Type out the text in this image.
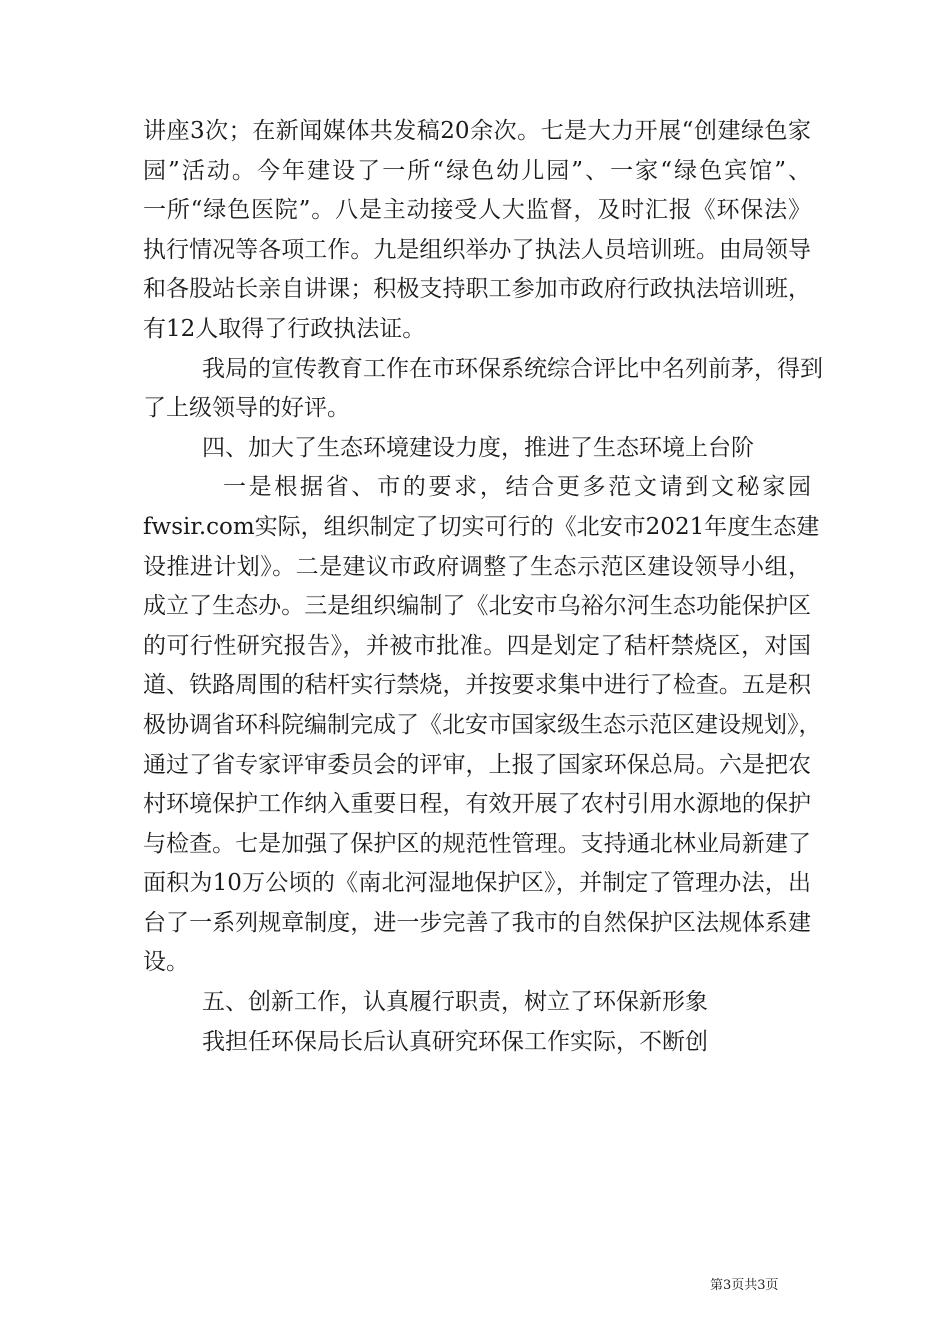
讲座3次；在新闻媒体共发稿20余次。七是大力开展“创建绿色家
园”活动。今年建设了一所“绿色幼儿园”、一家“绿色宾馆”、
一所“绿色医院”。八是主动接受人大监督，及时汇报《环保法》
执行情况等各项工作。九是组织举办了执法人员培训班。由局领导
和各股站长亲自讲课；积极支持职工参加市政府行政执法培训班，
有12人取得了行政执法证。
我局的宣传教育工作在市环保系统综合评比中名列前茅，得到
了上级领导的好评。
四、加大了生态环境建设力度，推进了生态环境上台阶
一是根据省、市的要求，结合更多范文请到文秘家园
fwsir.com实际，组织制定了切实可行的《北安市2021年度生态建
设推进计划》。二是建议市政府调整了生态示范区建设领导小组，
成立了生态办。三是组织编制了《北安市乌裕尔河生态功能保护区
的可行性研究报告》，并被市批准。四是划定了秸杆禁烧区，对国
道、铁路周围的秸杆实行禁烧，并按要求集中进行了检查。五是积
极协调省环科院编制完成了《北安市国家级生态示范区建设规划》，
通过了省专家评审委员会的评审，上报了国家环保总局。六是把农
村环境保护工作纳入重要日程，有效开展了农村引用水源地的保护
与检查。七是加强了保护区的规范性管理。支持通北林业局新建了
面积为10万公顷的《南北河湿地保护区》，并制定了管理办法，出
台了一系列规章制度，进一步完善了我市的自然保护区法规体系建
设。
五、创新工作，认真履行职责，树立了环保新形象
我担任环保局长后认真研究环保工作实际，不断创
第3页共3页
